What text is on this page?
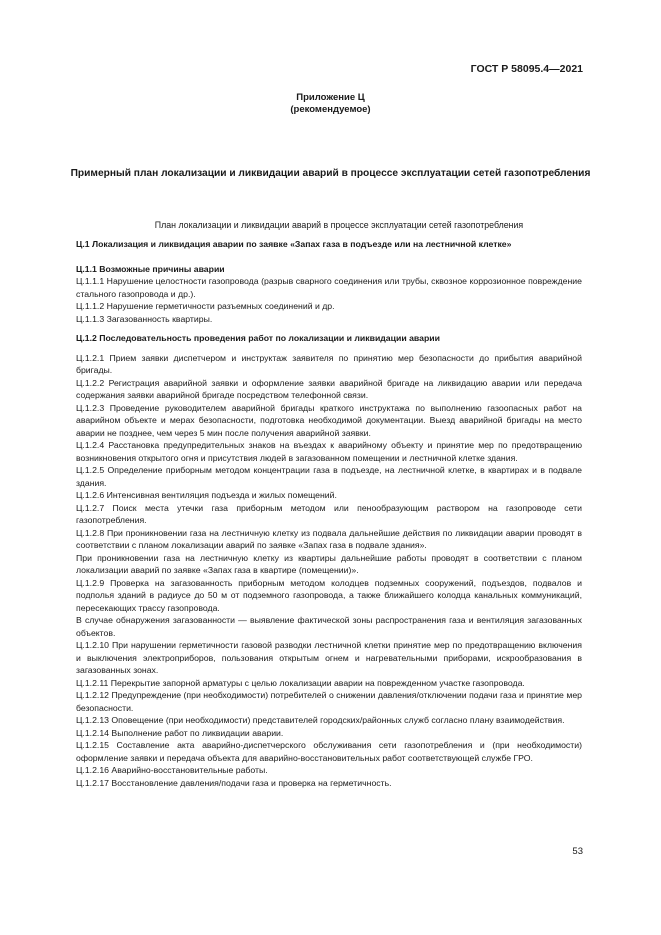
ГОСТ Р 58095.4—2021
Приложение Ц
(рекомендуемое)
Примерный план локализации и ликвидации аварий в процессе эксплуатации сетей газопотребления
План локализации и ликвидации аварий в процессе эксплуатации сетей газопотребления

Ц.1 Локализация и ликвидация аварии по заявке «Запах газа в подъезде или на лестничной клетке»

Ц.1.1 Возможные причины аварии

Ц.1.1.1 Нарушение целостности газопровода (разрыв сварного соединения или трубы, сквозное коррозионное повреждение стального газопровода и др.).

Ц.1.1.2 Нарушение герметичности разъемных соединений и др.

Ц.1.1.3 Загазованность квартиры.

Ц.1.2 Последовательность проведения работ по локализации и ликвидации аварии

Ц.1.2.1 Прием заявки диспетчером и инструктаж заявителя по принятию мер безопасности до прибытия аварийной бригады.

Ц.1.2.2 Регистрация аварийной заявки и оформление заявки аварийной бригаде на ликвидацию аварии или передача содержания заявки аварийной бригаде посредством телефонной связи.

Ц.1.2.3 Проведение руководителем аварийной бригады краткого инструктажа по выполнению газоопасных работ на аварийном объекте и мерах безопасности, подготовка необходимой документации. Выезд аварийной бригады на место аварии не позднее, чем через 5 мин после получения аварийной заявки.

Ц.1.2.4 Расстановка предупредительных знаков на въездах к аварийному объекту и принятие мер по предотвращению возникновения открытого огня и присутствия людей в загазованном помещении и лестничной клетке здания.

Ц.1.2.5 Определение приборным методом концентрации газа в подъезде, на лестничной клетке, в квартирах и в подвале здания.

Ц.1.2.6 Интенсивная вентиляция подъезда и жилых помещений.

Ц.1.2.7 Поиск места утечки газа приборным методом или пенообразующим раствором на газопроводе сети газопотребления.

Ц.1.2.8 При проникновении газа на лестничную клетку из подвала дальнейшие действия по ликвидации аварии проводят в соответствии с планом локализации аварий по заявке «Запах газа в подвале здания».

При проникновении газа на лестничную клетку из квартиры дальнейшие работы проводят в соответствии с планом локализации аварий по заявке «Запах газа в квартире (помещении)».

Ц.1.2.9 Проверка на загазованность приборным методом колодцев подземных сооружений, подъездов, подвалов и подполья зданий в радиусе до 50 м от подземного газопровода, а также ближайшего колодца канальных коммуникаций, пересекающих трассу газопровода.

В случае обнаружения загазованности — выявление фактической зоны распространения газа и вентиляция загазованных объектов.

Ц.1.2.10 При нарушении герметичности газовой разводки лестничной клетки принятие мер по предотвращению включения и выключения электроприборов, пользования открытым огнем и нагревательными приборами, искрообразования в загазованных зонах.

Ц.1.2.11 Перекрытие запорной арматуры с целью локализации аварии на поврежденном участке газопровода.

Ц.1.2.12 Предупреждение (при необходимости) потребителей о снижении давления/отключении подачи газа и принятие мер безопасности.

Ц.1.2.13 Оповещение (при необходимости) представителей городских/районных служб согласно плану взаимодействия.

Ц.1.2.14 Выполнение работ по ликвидации аварии.

Ц.1.2.15 Составление акта аварийно-диспетчерского обслуживания сети газопотребления и (при необходимости) оформление заявки и передача объекта для аварийно-восстановительных работ соответствующей службе ГРО.

Ц.1.2.16 Аварийно-восстановительные работы.

Ц.1.2.17 Восстановление давления/подачи газа и проверка на герметичность.

53
